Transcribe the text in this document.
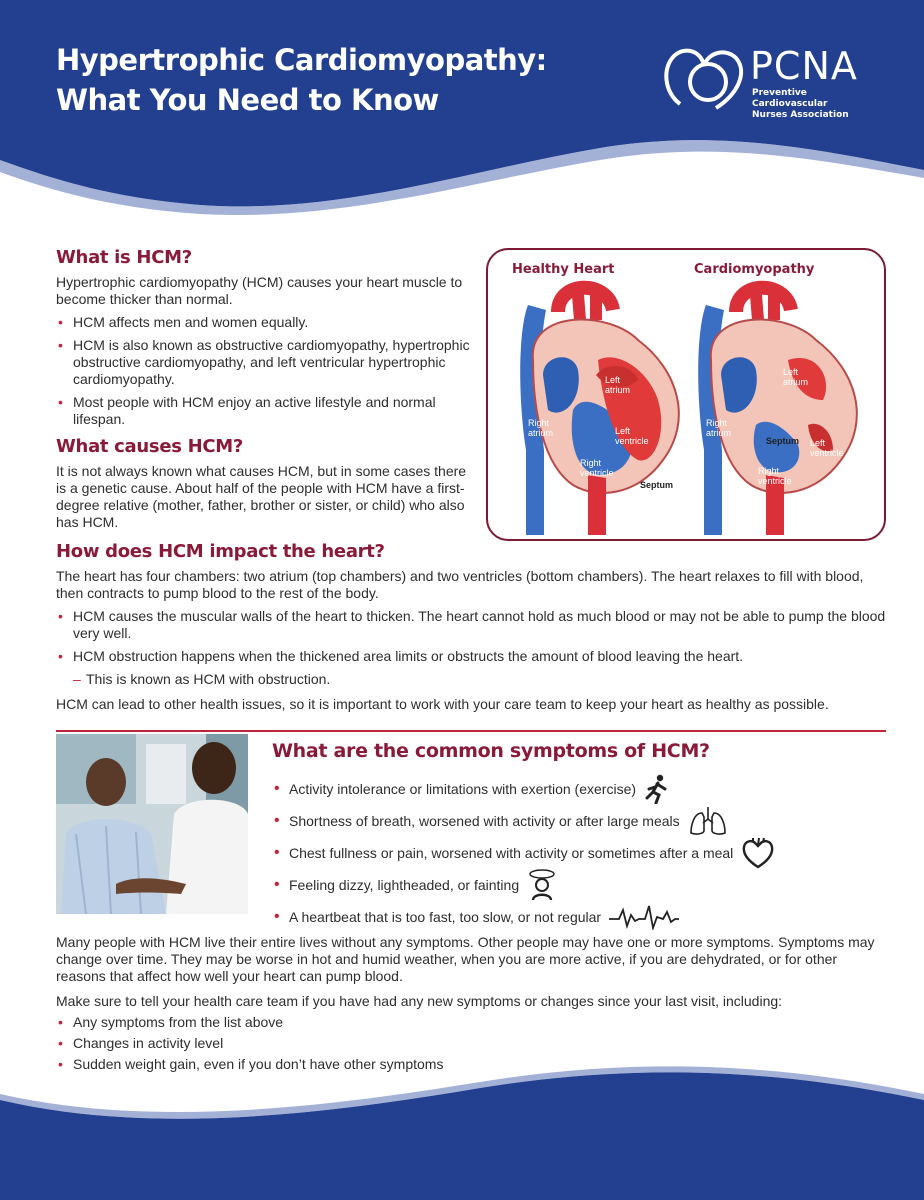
Hypertrophic Cardiomyopathy:
What You Need to Know
PCNA
Preventive Cardiovascular
Nurses Association
What is HCM?

Hypertrophic cardiomyopathy (HCM) causes your heart muscle to become thicker than normal.

• HCM affects men and women equally.
• HCM is also known as obstructive cardiomyopathy, hypertrophic obstructive cardiomyopathy, and left ventricular hypertrophic cardiomyopathy.
• Most people with HCM enjoy an active lifestyle and normal lifespan.
What causes HCM?

It is not always known what causes HCM, but in some cases there is a genetic cause. About half of the people with HCM have a first-degree relative (mother, father, brother or sister, or child) who also has HCM.

Left
atrium
Right
atrium	Left
ventricle
Right
ventricle
Septum
Left
atrium
Right
atrium
Septum Left
ventricle
Right
ventricle
Healthy Heart	Cardiomyopathy
How does HCM impact the heart?

The heart has four chambers: two atrium (top chambers) and two ventricles (bottom chambers). The heart relaxes to fill with blood, then contracts to pump blood to the rest of the body.

• HCM causes the muscular walls of the heart to thicken. The heart cannot hold as much blood or may not be able to pump the blood very well.
• HCM obstruction happens when the thickened area limits or obstructs the amount of blood leaving the heart.

– This is known as HCM with obstruction.

HCM can lead to other health issues, so it is important to work with your care team to keep your heart as healthy as possible.

What are the common symptoms of HCM?
• Activity intolerance or limitations with exertion (exercise)
• Shortness of breath, worsened with activity or after large meals
• Chest fullness or pain, worsened with activity or sometimes after a meal
• Feeling dizzy, lightheaded, or fainting
• A heartbeat that is too fast, too slow, or not regular

Many people with HCM live their entire lives without any symptoms. Other people may have one or more symptoms. Symptoms may change over time. They may be worse in hot and humid weather, when you are more active, if you are dehydrated, or for other reasons that affect how well your heart can pump blood.

Make sure to tell your health care team if you have had any new symptoms or changes since your last visit, including:

• Any symptoms from the list above
• Changes in activity level
• Sudden weight gain, even if you don’t have other symptoms
